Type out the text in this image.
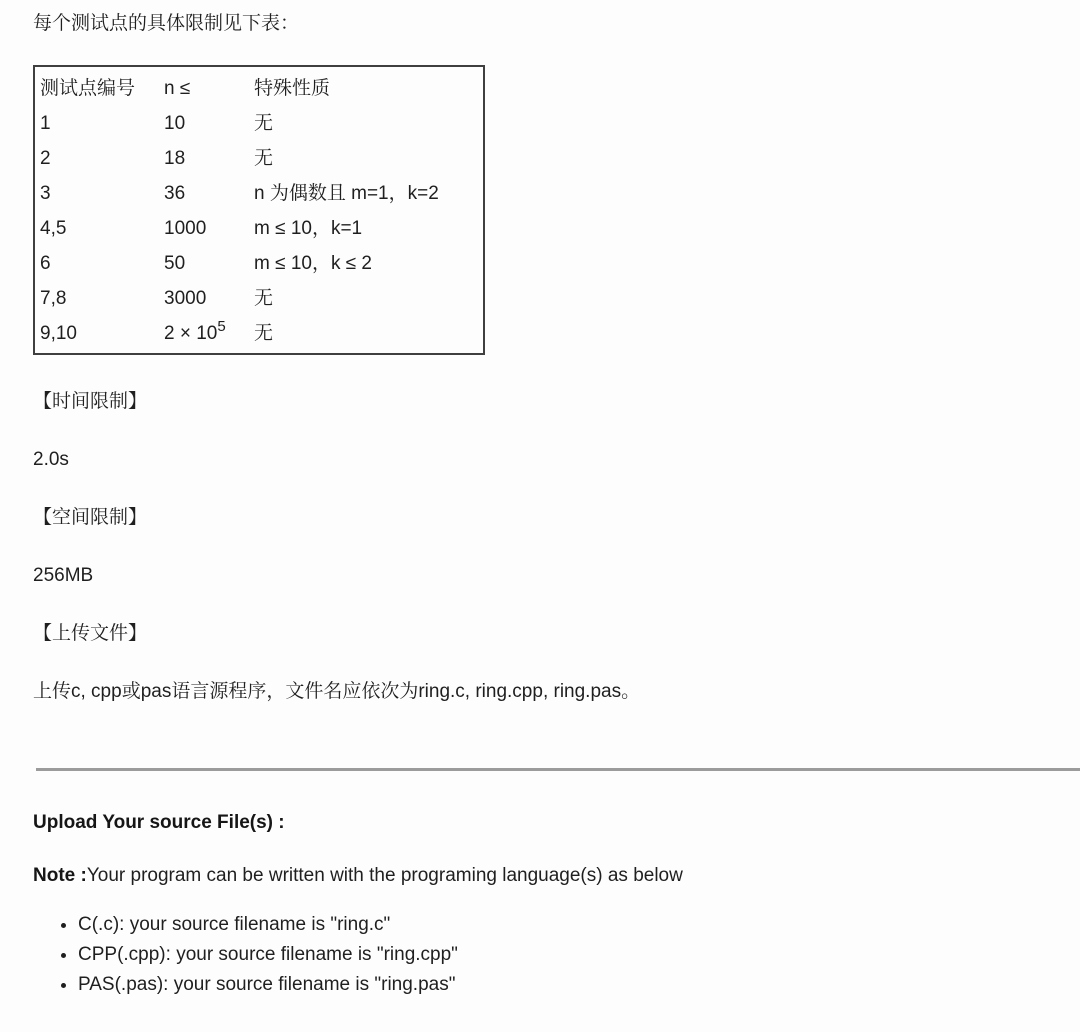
每个测试点的具体限制见下表：

测试点编号	n ≤	特殊性质
1	10	无
2	18	无
3	36	n 为偶数且 m=1，k=2
4,5	1000	m ≤ 10，k=1
6	50	m ≤ 10，k ≤ 2
7,8	3000	无
9,10	$2 \times 10^5$	无

【时间限制】

2.0s

【空间限制】

256MB

【上传文件】

上传c, cpp或pas语言源程序，文件名应依次为ring.c, ring.cpp, ring.pas。

Upload Your source File(s) :

Note :Your program can be written with the programing language(s) as below

• C(.c): your source filename is "ring.c"
• CPP(.cpp): your source filename is "ring.cpp"
• PAS(.pas): your source filename is "ring.pas"
